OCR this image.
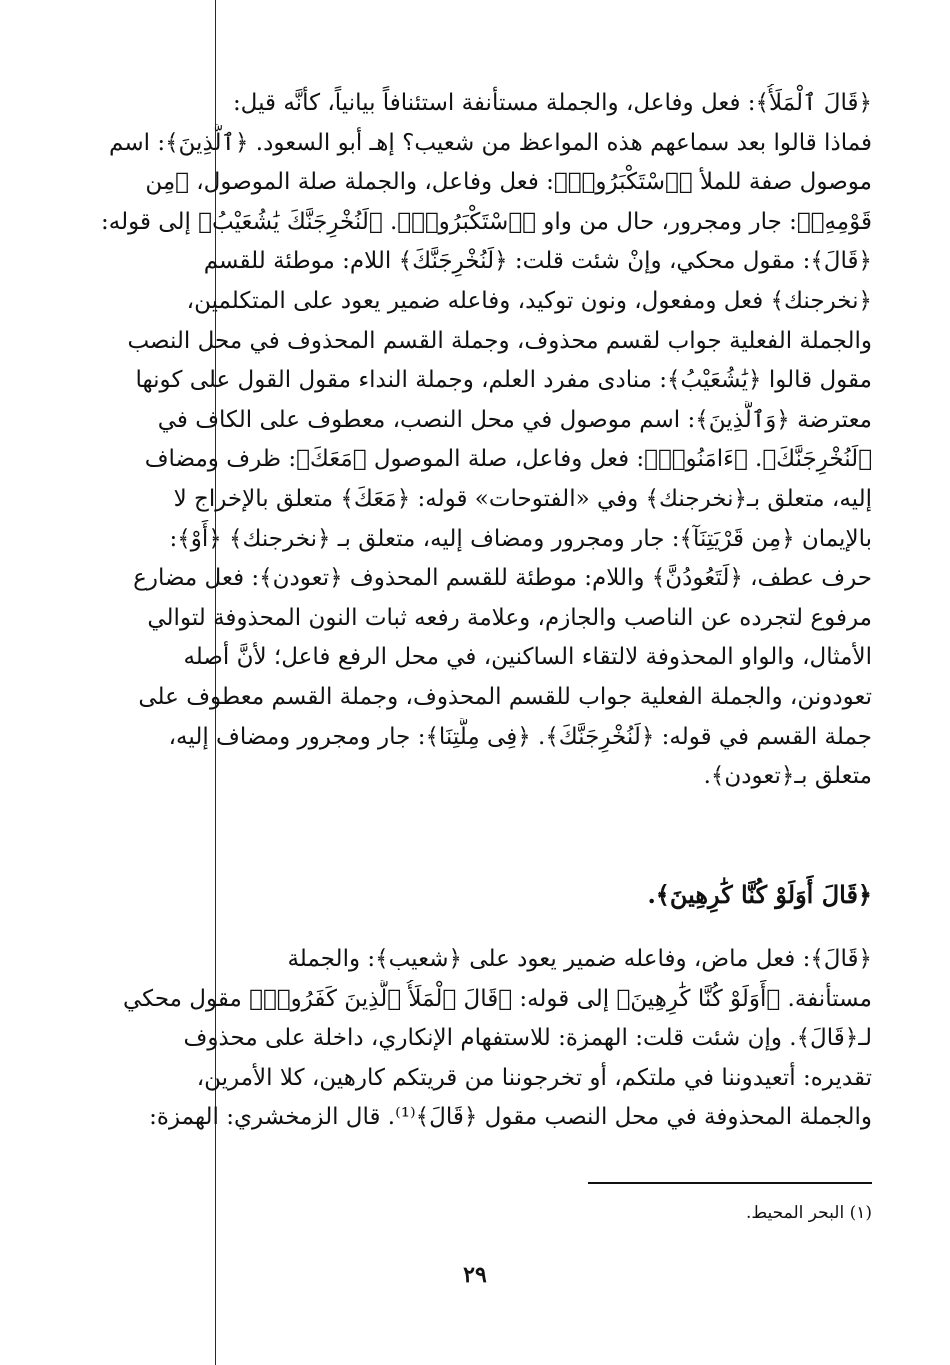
﴿قَالَ ٱلْمَلَأُ﴾: فعل وفاعل، والجملة مستأنفة استئنافاً بيانياً، كأنَّه قيل:
فماذا قالوا بعد سماعهم هذه المواعظ من شعيب؟ إهـ أبو السعود. ﴿ٱلَّذِينَ﴾: اسم
موصول صفة للملأ ﴿ٱسْتَكْبَرُوا۟﴾: فعل وفاعل، والجملة صلة الموصول، ﴿مِن
قَوْمِهِۦ﴾: جار ومجرور، حال من واو ﴿ٱسْتَكْبَرُوا۟﴾. ﴿لَنُخْرِجَنَّكَ يَٰشُعَيْبُ﴾ إلى قوله:
﴿قَالَ﴾: مقول محكي، وإنْ شئت قلت: ﴿لَنُخْرِجَنَّكَ﴾ اللام: موطئة للقسم
﴿نخرجنك﴾ فعل ومفعول، ونون توكيد، وفاعله ضمير يعود على المتكلمين،
والجملة الفعلية جواب لقسم محذوف، وجملة القسم المحذوف في محل النصب
مقول قالوا ﴿يَٰشُعَيْبُ﴾: منادى مفرد العلم، وجملة النداء مقول القول على كونها
معترضة ﴿وَٱلَّذِينَ﴾: اسم موصول في محل النصب، معطوف على الكاف في
﴿لَنُخْرِجَنَّكَ﴾. ﴿ءَامَنُوا۟﴾: فعل وفاعل، صلة الموصول ﴿مَعَكَ﴾: ظرف ومضاف
إليه، متعلق بـ﴿نخرجنك﴾ وفي «الفتوحات» قوله: ﴿مَعَكَ﴾ متعلق بالإخراج لا
بالإيمان ﴿مِن قَرْيَتِنَآ﴾: جار ومجرور ومضاف إليه، متعلق بـ ﴿نخرجنك﴾ ﴿أَوْ﴾:
حرف عطف، ﴿لَتَعُودُنَّ﴾ واللام: موطئة للقسم المحذوف ﴿تعودن﴾: فعل مضارع
مرفوع لتجرده عن الناصب والجازم، وعلامة رفعه ثبات النون المحذوفة لتوالي
الأمثال، والواو المحذوفة لالتقاء الساكنين، في محل الرفع فاعل؛ لأنَّ أصله
تعودونن، والجملة الفعلية جواب للقسم المحذوف، وجملة القسم معطوف على
جملة القسم في قوله: ﴿لَنُخْرِجَنَّكَ﴾. ﴿فِى مِلَّتِنَا﴾: جار ومجرور ومضاف إليه،
متعلق بـ﴿تعودن﴾.
﴿قَالَ أَوَلَوْ كُنَّا كَٰرِهِينَ﴾.
﴿قَالَ﴾: فعل ماض، وفاعله ضمير يعود على ﴿شعيب﴾: والجملة
مستأنفة. ﴿أَوَلَوْ كُنَّا كَٰرِهِينَ﴾ إلى قوله: ﴿قَالَ ٱلْمَلَأُ ٱلَّذِينَ كَفَرُوا۟﴾ مقول محكي
لـ﴿قَالَ﴾. وإن شئت قلت: الهمزة: للاستفهام الإنكاري، داخلة على محذوف
تقديره: أتعيدوننا في ملتكم، أو تخرجوننا من قريتكم كارهين، كلا الأمرين،
والجملة المحذوفة في محل النصب مقول ﴿قَالَ﴾⁽¹⁾. قال الزمخشري: الهمزة:
(١) البحر المحيط.
٢٩
